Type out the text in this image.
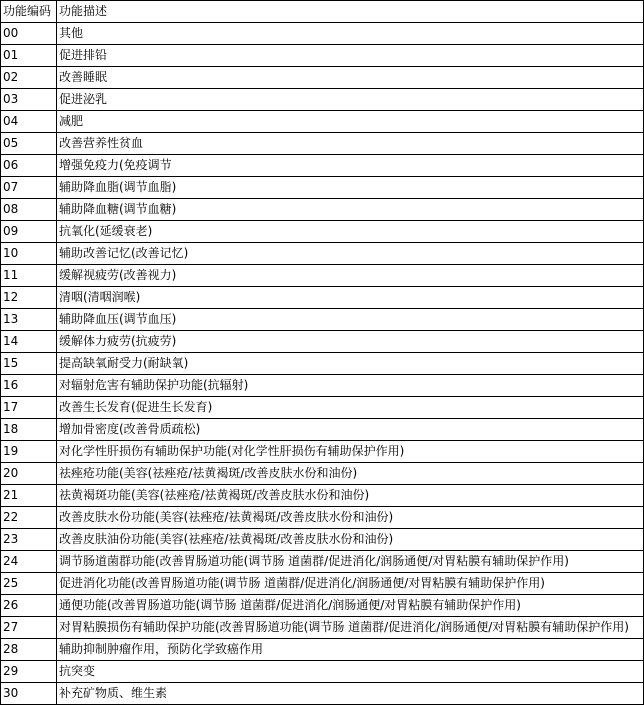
功能编码	功能描述
00	其他
01	促进排铅
02	改善睡眠
03	促进泌乳
04	减肥
05	改善营养性贫血
06	增强免疫力(免疫调节
07	辅助降血脂(调节血脂)
08	辅助降血糖(调节血糖)
09	抗氧化(延缓衰老)
10	辅助改善记忆(改善记忆)
11	缓解视疲劳(改善视力)
12	清咽(清咽润喉)
13	辅助降血压(调节血压)
14	缓解体力疲劳(抗疲劳)
15	提高缺氧耐受力(耐缺氧)
16	对辐射危害有辅助保护功能(抗辐射)
17	改善生长发育(促进生长发育)
18	增加骨密度(改善骨质疏松)
19	对化学性肝损伤有辅助保护功能(对化学性肝损伤有辅助保护作用)
20	祛痤疮功能(美容(祛痤疮/祛黄褐斑/改善皮肤水份和油份)
21	祛黄褐斑功能(美容(祛痤疮/祛黄褐斑/改善皮肤水份和油份)
22	改善皮肤水份功能(美容(祛痤疮/祛黄褐斑/改善皮肤水份和油份)
23	改善皮肤油份功能(美容(祛痤疮/祛黄褐斑/改善皮肤水份和油份)
24	调节肠道菌群功能(改善胃肠道功能(调节肠 道菌群/促进消化/润肠通便/对胃粘膜有辅助保护作用)
25	促进消化功能(改善胃肠道功能(调节肠 道菌群/促进消化/润肠通便/对胃粘膜有辅助保护作用)
26	通便功能(改善胃肠道功能(调节肠 道菌群/促进消化/润肠通便/对胃粘膜有辅助保护作用)
27	对胃粘膜损伤有辅助保护功能(改善胃肠道功能(调节肠 道菌群/促进消化/润肠通便/对胃粘膜有辅助保护作用)
28	辅助抑制肿瘤作用，预防化学致癌作用
29	抗突变
30	补充矿物质、维生素
